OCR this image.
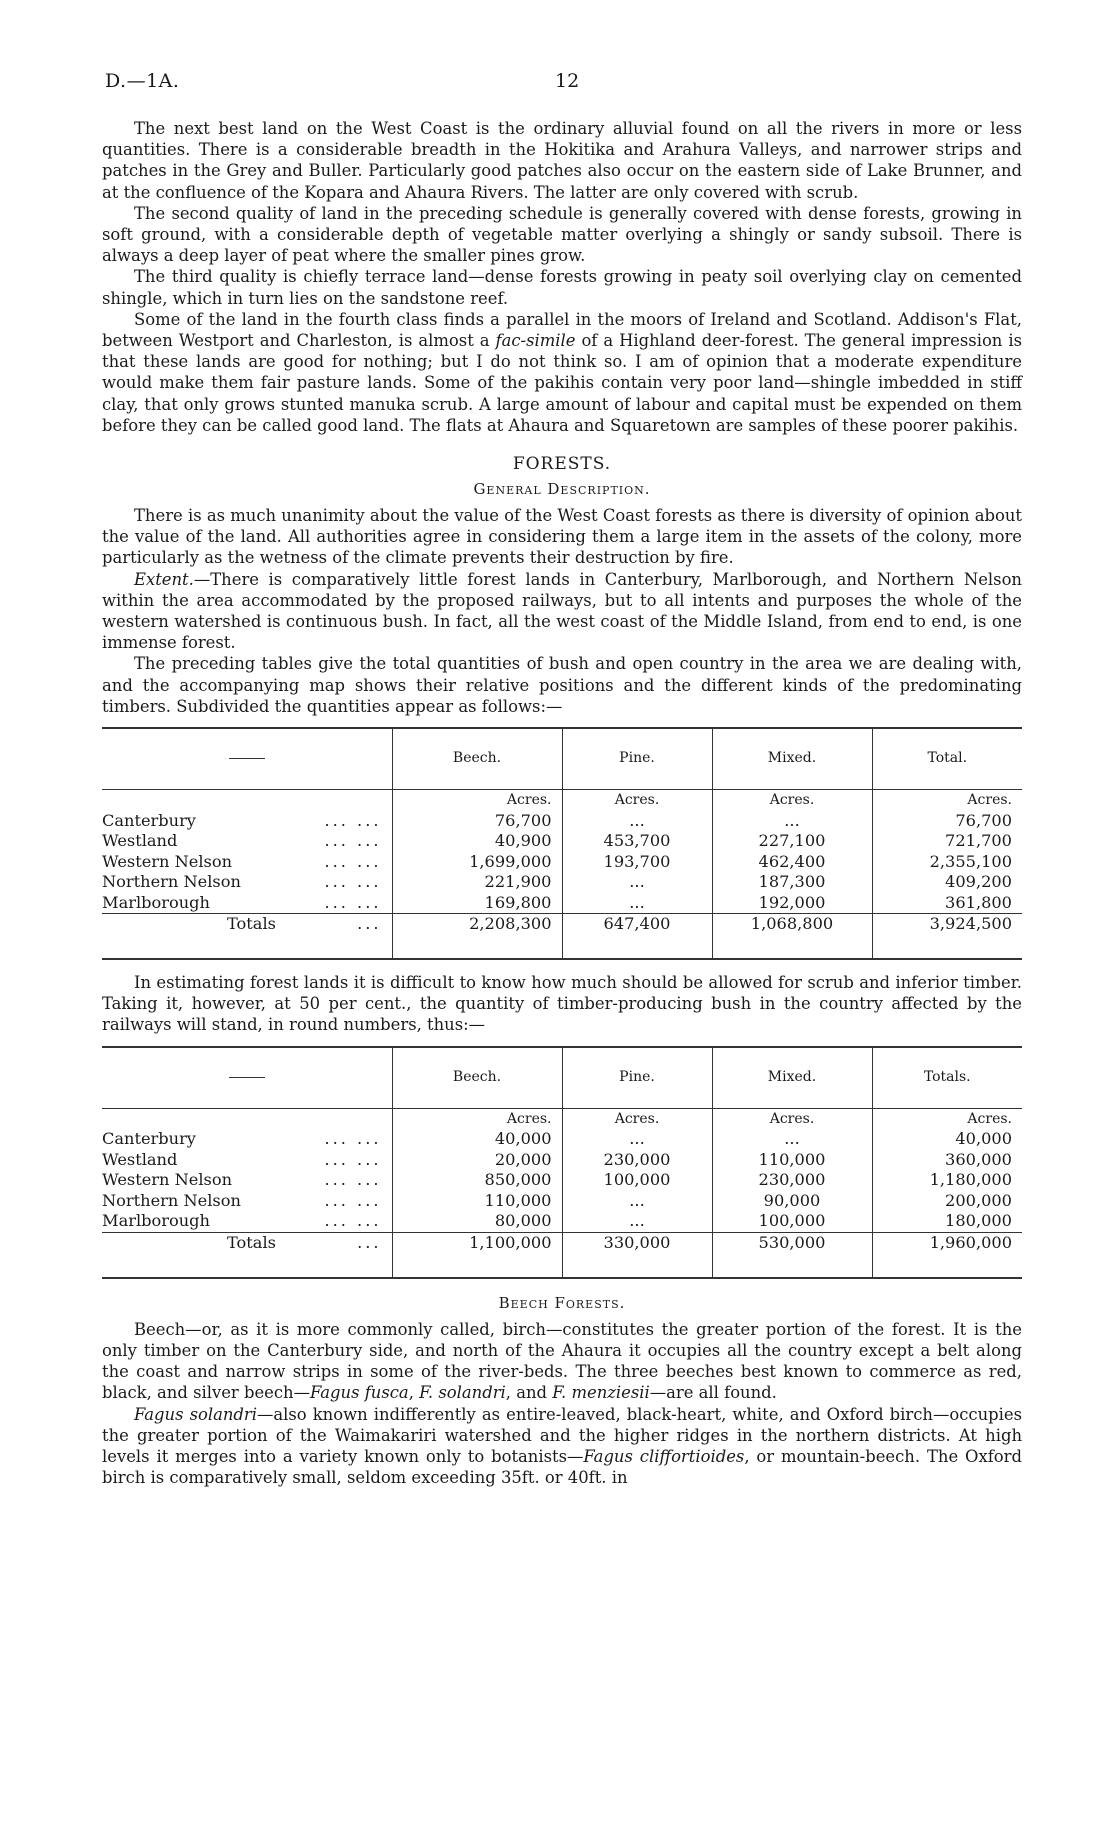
D.—1A.	12

The next best land on the West Coast is the ordinary alluvial found on all the rivers in more or less quantities. There is a considerable breadth in the Hokitika and Arahura Valleys, and narrower strips and patches in the Grey and Buller. Particularly good patches also occur on the eastern side of Lake Brunner, and at the confluence of the Kopara and Ahaura Rivers. The latter are only covered with scrub.

The second quality of land in the preceding schedule is generally covered with dense forests, growing in soft ground, with a considerable depth of vegetable matter overlying a shingly or sandy subsoil. There is always a deep layer of peat where the smaller pines grow.

The third quality is chiefly terrace land—dense forests growing in peaty soil overlying clay on cemented shingle, which in turn lies on the sandstone reef.

Some of the land in the fourth class finds a parallel in the moors of Ireland and Scotland. Addison's Flat, between Westport and Charleston, is almost a fac-simile of a Highland deer-forest. The general impression is that these lands are good for nothing; but I do not think so. I am of opinion that a moderate expenditure would make them fair pasture lands. Some of the pakihis contain very poor land—shingle imbedded in stiff clay, that only grows stunted manuka scrub. A large amount of labour and capital must be expended on them before they can be called good land. The flats at Ahaura and Squaretown are samples of these poorer pakihis.

FORESTS.
General Description.

There is as much unanimity about the value of the West Coast forests as there is diversity of opinion about the value of the land. All authorities agree in considering them a large item in the assets of the colony, more particularly as the wetness of the climate prevents their destruction by fire.

Extent.—There is comparatively little forest lands in Canterbury, Marlborough, and Northern Nelson within the area accommodated by the proposed railways, but to all intents and purposes the whole of the western watershed is continuous bush. In fact, all the west coast of the Middle Island, from end to end, is one immense forest.

The preceding tables give the total quantities of bush and open country in the area we are dealing with, and the accompanying map shows their relative positions and the different kinds of the predominating timbers. Subdivided the quantities appear as follows:—

	Beech.	Pine.	Mixed.	Total.
	Acres.	Acres.	Acres.	Acres.
Canterbury ... ...	76,700	...	...	76,700
Westland ... ...	40,900	453,700	227,100	721,700
Western Nelson ... ...	1,699,000	193,700	462,400	2,355,100
Northern Nelson ... ...	221,900	...	187,300	409,200
Marlborough ... ...	169,800	...	192,000	361,800
Totals ...	2,208,300	647,400	1,068,800	3,924,500

In estimating forest lands it is difficult to know how much should be allowed for scrub and inferior timber. Taking it, however, at 50 per cent., the quantity of timber-producing bush in the country affected by the railways will stand, in round numbers, thus:—

	Beech.	Pine.	Mixed.	Totals.
	Acres.	Acres.	Acres.	Acres.
Canterbury ... ...	40,000	...	...	40,000
Westland ... ...	20,000	230,000	110,000	360,000
Western Nelson ... ...	850,000	100,000	230,000	1,180,000
Northern Nelson ... ...	110,000	...	90,000	200,000
Marlborough ... ...	80,000	...	100,000	180,000
Totals ...	1,100,000	330,000	530,000	1,960,000
Beech Forests.

Beech—or, as it is more commonly called, birch—constitutes the greater portion of the forest. It is the only timber on the Canterbury side, and north of the Ahaura it occupies all the country except a belt along the coast and narrow strips in some of the river-beds. The three beeches best known to commerce as red, black, and silver beech—Fagus fusca, F. solandri, and F. menziesii—are all found.

Fagus solandri—also known indifferently as entire-leaved, black-heart, white, and Oxford birch—occupies the greater portion of the Waimakariri watershed and the higher ridges in the northern districts. At high levels it merges into a variety known only to botanists—Fagus cliffortioides, or mountain-beech. The Oxford birch is comparatively small, seldom exceeding 35ft. or 40ft. in
